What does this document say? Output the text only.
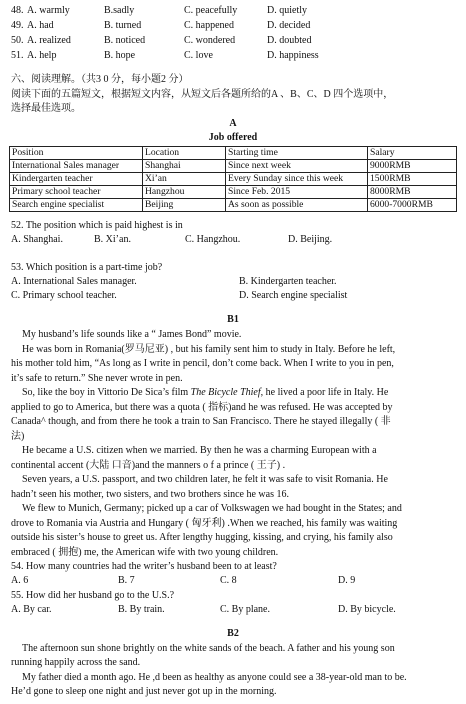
48. A. warmly	B.sadly	C. peacefully	D. quietly
49. A. had	B. turned	C. happened	D. decided
50. A. realized	B. noticed	C. wondered	D. doubted
51. A. help	B. hope	C. love	D. happiness
六、阅读理解。（共3 0 分，每小题2 分）
阅读下面的五篇短文，根据短文内容，从短文后各题所给的A 、B、C、D 四个选项中，
选择最佳选项。
A
Job offered
Position	Location	Starting time	Salary
International Sales manager	Shanghai	Since next week	9000RMB
Kindergarten teacher	Xi’an	Every Sunday since this week	1500RMB
Primary school teacher	Hangzhou	Since Feb. 2015	8000RMB
Search engine specialist	Beijing	As soon as possible	6000-7000RMB
52. The position which is paid highest is in
A. Shanghai.	B. Xi’an.	C. Hangzhou.	D. Beijing.
53. Which position is a part-time job?
A. International Sales manager.	B. Kindergarten teacher.
C. Primary school teacher.	D. Search engine specialist
B1
My husband’s life sounds like a “ James Bond” movie.
He was born in Romania(罗马尼亚) , but his family sent him to study in Italy. Before he left,
his mother told him, “As long as I write in pencil, don’t come back. When I write to you in pen,
it’s safe to return.” She never wrote in pen.
So, like the boy in Vittorio De Sica’s film The Bicycle Thief, he lived a poor life in Italy. He
applied to go to America, but there was a quota ( 指标)and he was refused. He was accepted by
Canada^ though, and from there he took a train to San Francisco. There he stayed illegally ( 非
法)
He became a U.S. citizen when we married. By then he was a charming European with a
continental accent (大陆 口音)and the manners o f a prince ( 王子) .
Seven years, a U.S. passport, and two children later, he felt it was safe to visit Romania. He
hadn’t seen his mother, two sisters, and two brothers since he was 16.
We flew to Munich, Germany; picked up a car of Volkswagen we had bought in the States; and
drove to Romania via Austria and Hungary ( 匈牙利) .When we reached, his family was waiting
outside his sister’s house to greet us. After lengthy hugging, kissing, and crying, his family also
embraced ( 拥抱) me, the American wife with two young children.
54. How many countries had the writer’s husband been to at least?
A. 6	B. 7	C. 8	D. 9
55. How did her husband go to the U.S.?
A. By car.	B. By train.	C. By plane.	D. By bicycle.
B2
The afternoon sun shone brightly on the white sands of the beach. A father and his young son
running happily across the sand.
My father died a month ago. He ,d been as healthy as anyone could see a 38-year-old man to be.
He’d gone to sleep one night and just never got up in the morning.
